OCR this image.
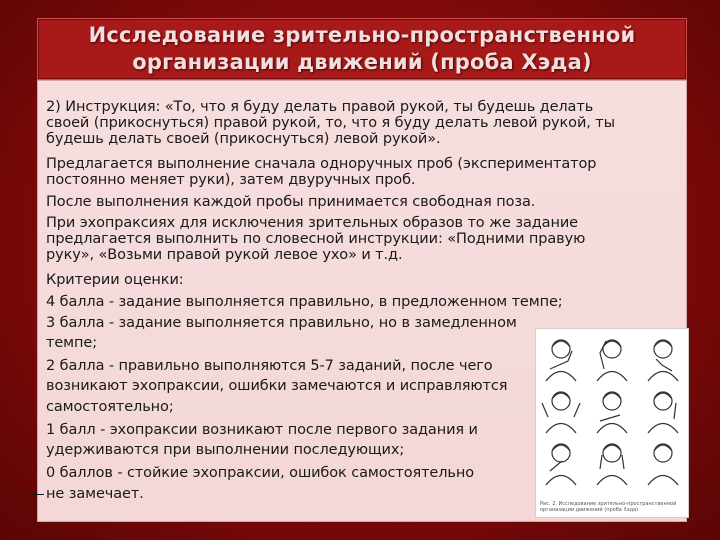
Исследование зрительно-пространственной
организации движений (проба Хэда)
2) Инструкция: «То, что я буду делать правой рукой, ты будешь делать
своей (прикоснуться) правой рукой, то, что я буду делать левой рукой, ты
будешь делать своей (прикоснуться) левой рукой».
Предлагается выполнение сначала одноручных проб (экспериментатор
постоянно меняет руки), затем двуручных проб.
После выполнения каждой пробы принимается свободная поза.
При эхопраксиях для исключения зрительных образов то же задание
предлагается выполнить по словесной инструкции: «Подними правую
руку», «Возьми правой рукой левое ухо» и т.д.
Критерии оценки:
4 балла - задание выполняется правильно, в предложенном темпе;
3 балла - задание выполняется правильно, но в замедленном
темпе;
2 балла - правильно выполняются 5-7 заданий, после чего
возникают эхопраксии, ошибки замечаются и исправляются
самостоятельно;
1 балл - эхопраксии возникают после первого задания и
удерживаются при выполнении последующих;
0 баллов - стойкие эхопраксии, ошибок самостоятельно
не замечает.
Рис. 2. Исследование зрительно-пространственной организации движений (проба Хэда)
